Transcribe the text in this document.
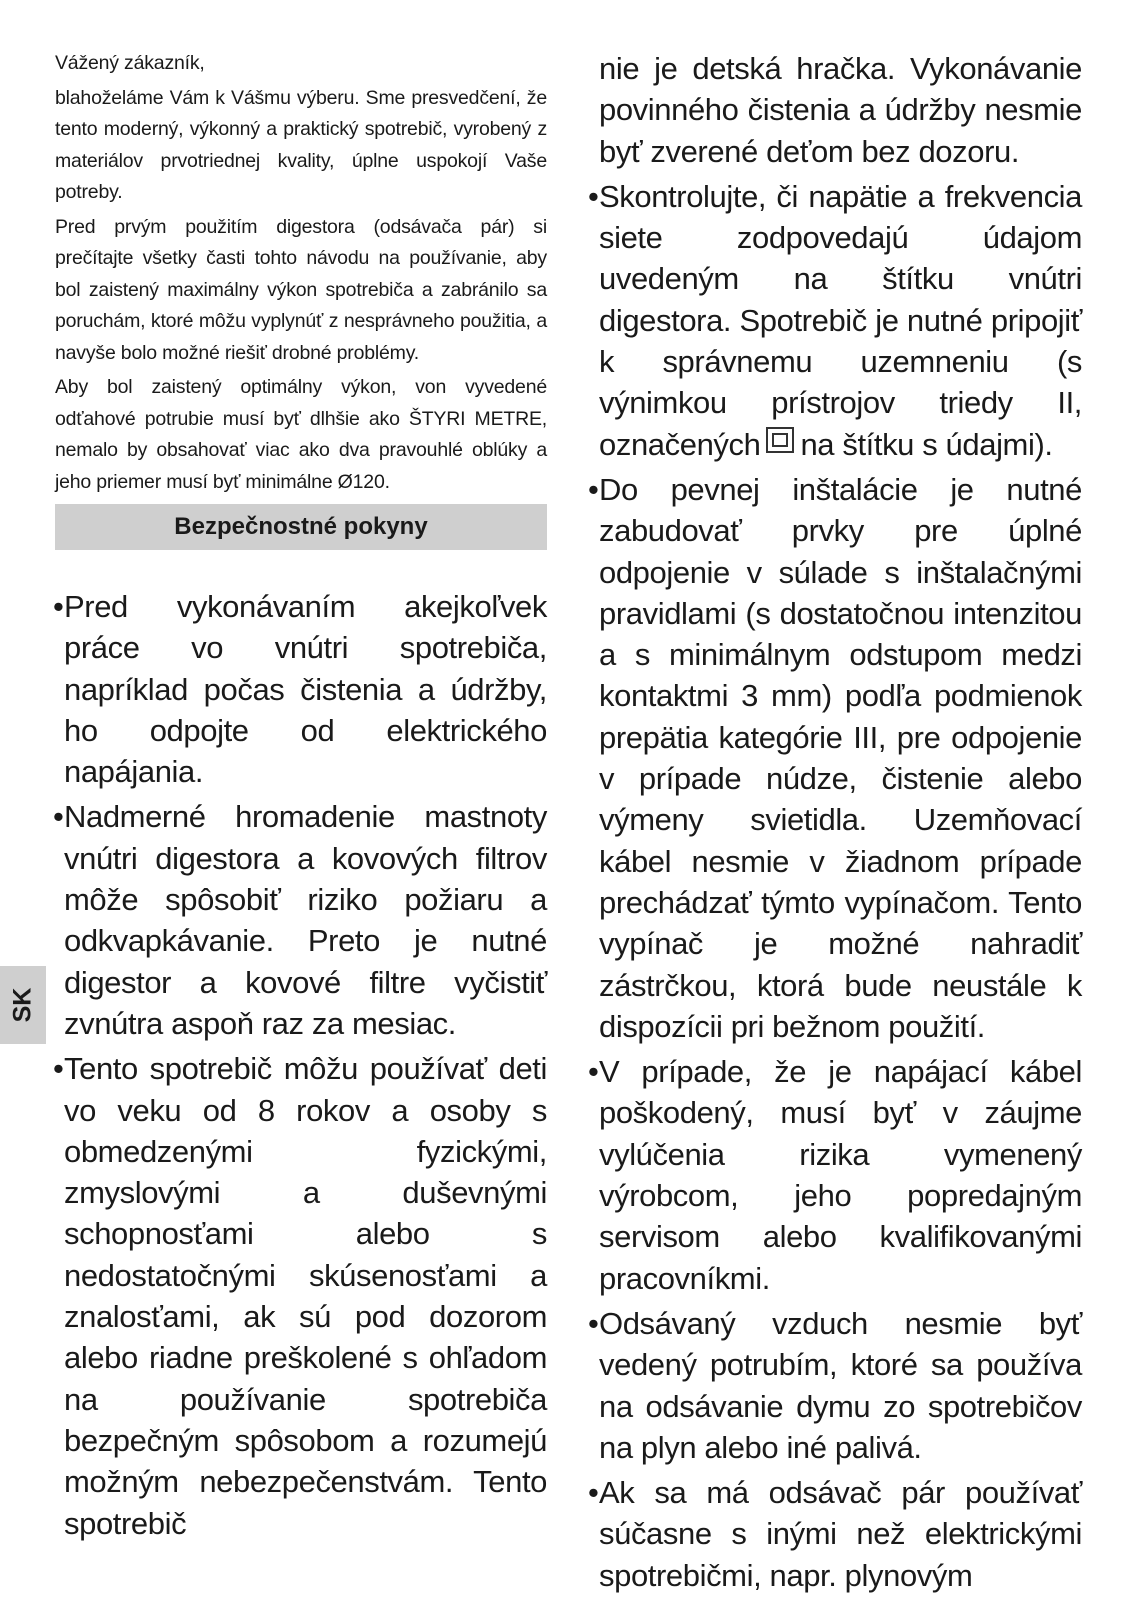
SK

Vážený zákazník,

blahoželáme Vám k Vášmu výberu. Sme presvedčení, že tento moderný, výkonný a praktický spotrebič, vyrobený z materiálov prvotriednej kvality, úplne uspokojí Vaše potreby.

Pred prvým použitím digestora (odsávača pár) si prečítajte všetky časti tohto návodu na používanie, aby bol zaistený maximálny výkon spotrebiča a zabránilo sa poruchám, ktoré môžu vyplynúť z nesprávneho použitia, a navyše bolo možné riešiť drobné problémy.

Aby bol zaistený optimálny výkon, von vyvedené odťahové potrubie musí byť dlhšie ako ŠTYRI METRE, nemalo by obsahovať viac ako dva pravouhlé oblúky a jeho priemer musí byť minimálne Ø120.

Bezpečnostné pokyny
• Pred vykonávaním akejkoľvek práce vo vnútri spotrebiča, napríklad počas čistenia a údržby, ho odpojte od elektrického napájania.
• Nadmerné hromadenie mastnoty vnútri digestora a kovových filtrov môže spôsobiť riziko požiaru a odkvapkávanie. Preto je nutné digestor a kovové filtre vyčistiť zvnútra aspoň raz za mesiac.
• Tento spotrebič môžu používať deti vo veku od 8 rokov a osoby s obmedzenými fyzickými, zmyslovými a duševnými schopnosťami alebo s nedostatočnými skúsenosťami a znalosťami, ak sú pod dozorom alebo riadne preškolené s ohľadom na používanie spotrebiča bezpečným spôsobom a rozumejú možným nebezpečenstvám. Tento spotrebič
nie je detská hračka. Vykonávanie povinného čistenia a údržby nesmie byť zverené deťom bez dozoru.
• Skontrolujte, či napätie a frekvencia siete zodpovedajú údajom uvedeným na štítku vnútri digestora. Spotrebič je nutné pripojiť k správnemu uzemneniu (s výnimkou prístrojov triedy II, označených na štítku s údajmi).
• Do pevnej inštalácie je nutné zabudovať prvky pre úplné odpojenie v súlade s inštalačnými pravidlami (s dostatočnou intenzitou a s minimálnym odstupom medzi kontaktmi 3 mm) podľa podmienok prepätia kategórie III, pre odpojenie v prípade núdze, čistenie alebo výmeny svietidla. Uzemňovací kábel nesmie v žiadnom prípade prechádzať týmto vypínačom. Tento vypínač je možné nahradiť zástrčkou, ktorá bude neustále k dispozícii pri bežnom použití.
• V prípade, že je napájací kábel poškodený, musí byť v záujme vylúčenia rizika vymenený výrobcom, jeho popredajným servisom alebo kvalifikovanými pracovníkmi.
• Odsávaný vzduch nesmie byť vedený potrubím, ktoré sa používa na odsávanie dymu zo spotrebičov na plyn alebo iné palivá.
• Ak sa má odsávač pár používať súčasne s inými než elektrickými spotrebičmi, napr. plynovým
